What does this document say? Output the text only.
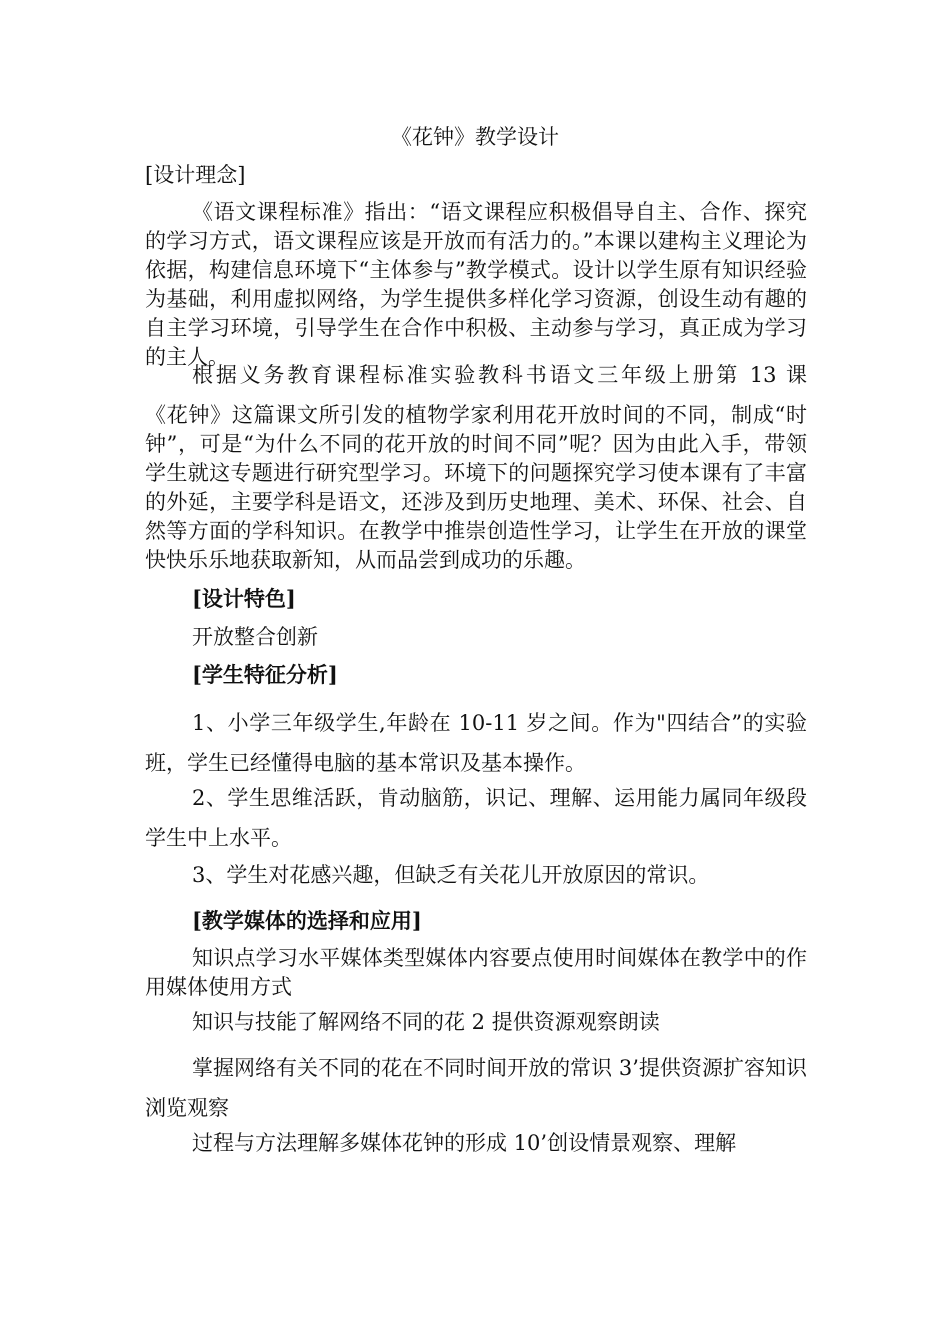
《花钟》教学设计
[设计理念]
《语文课程标准》指出：“语文课程应积极倡导自主、合作、探究的学习方式，语文课程应该是开放而有活力的。”本课以建构主义理论为依据，构建信息环境下“主体参与”教学模式。设计以学生原有知识经验为基础，利用虚拟网络，为学生提供多样化学习资源，创设生动有趣的自主学习环境，引导学生在合作中积极、主动参与学习，真正成为学习的主人。
根据义务教育课程标准实验教科书语文三年级上册第 13 课
《花钟》这篇课文所引发的植物学家利用花开放时间的不同，制成“时钟”，可是“为什么不同的花开放的时间不同”呢？因为由此入手，带领学生就这专题进行研究型学习。环境下的问题探究学习使本课有了丰富的外延，主要学科是语文，还涉及到历史地理、美术、环保、社会、自然等方面的学科知识。在教学中推崇创造性学习，让学生在开放的课堂快快乐乐地获取新知，从而品尝到成功的乐趣。
[设计特色]
开放整合创新
[学生特征分析]
1、小学三年级学生,年龄在 10-11 岁之间。作为"四结合”的实验班，学生已经懂得电脑的基本常识及基本操作。
2、学生思维活跃，肯动脑筋，识记、理解、运用能力属同年级段学生中上水平。
3、学生对花感兴趣，但缺乏有关花儿开放原因的常识。
[教学媒体的选择和应用]
知识点学习水平媒体类型媒体内容要点使用时间媒体在教学中的作用媒体使用方式
知识与技能了解网络不同的花 2 提供资源观察朗读
掌握网络有关不同的花在不同时间开放的常识 3’提供资源扩容知识浏览观察
过程与方法理解多媒体花钟的形成 10’创设情景观察、理解
